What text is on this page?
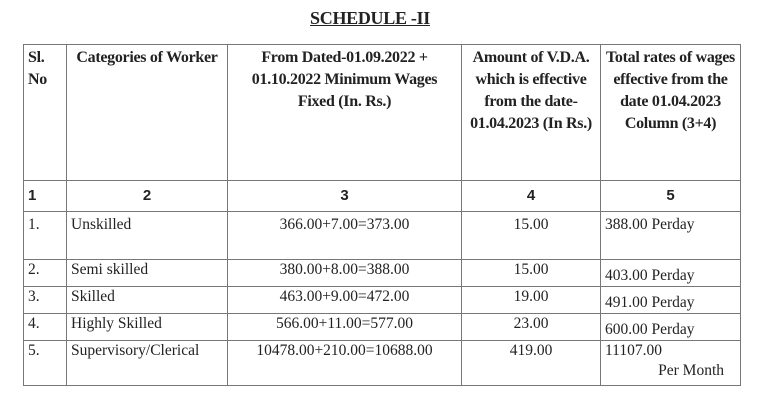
SCHEDULE -II
Sl. No	Categories of Worker	From Dated-01.09.2022 + 01.10.2022 Minimum Wages Fixed (In. Rs.)	Amount of V.D.A. which is effective from the date- 01.04.2023 (In Rs.)	Total rates of wages effective from the date 01.04.2023 Column (3+4)
1	2	3	4	5
1.	Unskilled	366.00+7.00=373.00	15.00	388.00 Perday

2.	Semi skilled	380.00+8.00=388.00	15.00	403.00 Perday

3.	Skilled	463.00+9.00=472.00	19.00	491.00 Perday

4.	Highly Skilled	566.00+11.00=577.00	23.00	600.00 Perday

5.	Supervisory/Clerical	10478.00+210.00=10688.00	419.00	11107.00
Per Month
